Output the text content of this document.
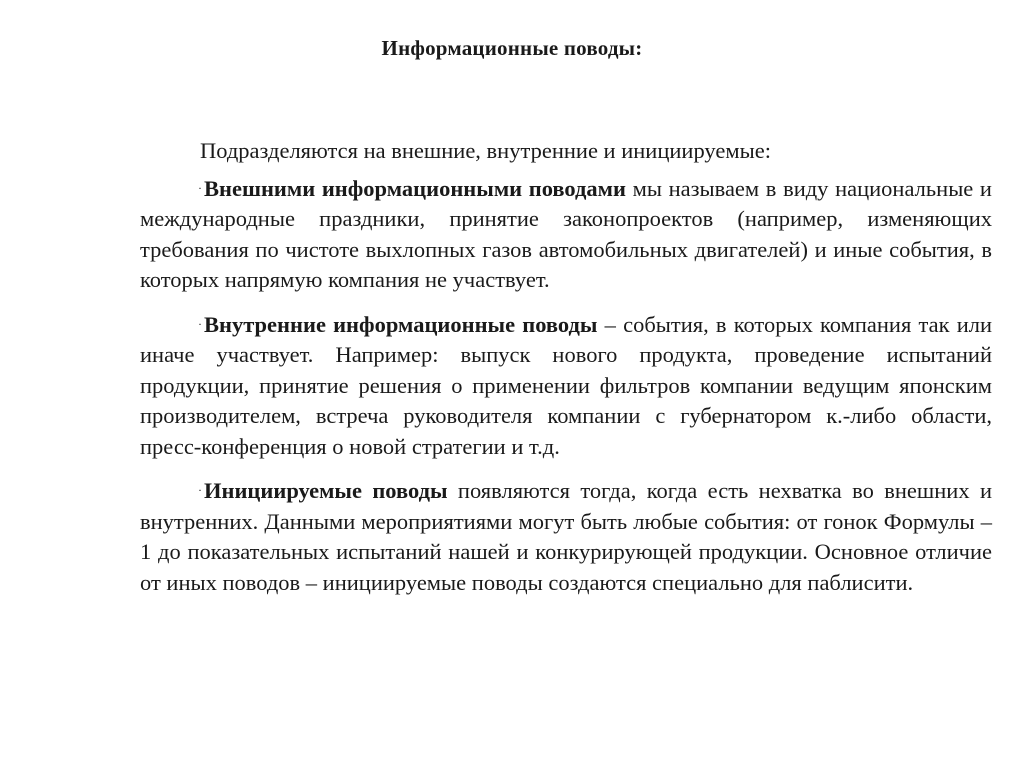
Информационные поводы:

Подразделяются на внешние, внутренние и инициируемые:

·Внешними информационными поводами мы называем в виду национальные и международные праздники, принятие законопроектов (например, изменяющих требования по чистоте выхлопных газов автомобильных двигателей) и иные события, в которых напрямую компания не участвует.

·Внутренние информационные поводы – события, в которых компания так или иначе участвует. Например: выпуск нового продукта, проведение испытаний продукции, принятие решения о применении фильтров компании ведущим японским производителем, встреча руководителя компании с губернатором к.-либо области, пресс-конференция о новой стратегии и т.д.

·Инициируемые поводы появляются тогда, когда есть нехватка во внешних и внутренних. Данными мероприятиями могут быть любые события: от гонок Формулы – 1 до показательных испытаний нашей и конкурирующей продукции. Основное отличие от иных поводов – инициируемые поводы создаются специально для паблисити.
